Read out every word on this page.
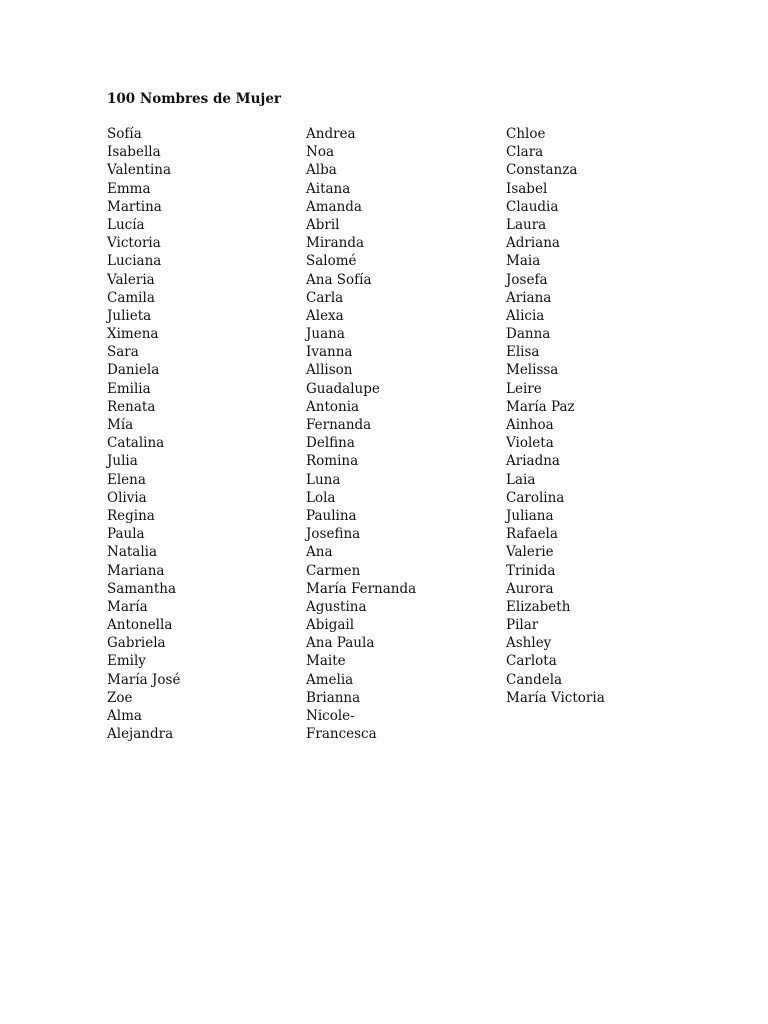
100 Nombres de Mujer
Sofía
Isabella
Valentina
Emma
Martina
Lucía
Victoria
Luciana
Valeria
Camila
Julieta
Ximena
Sara
Daniela
Emilia
Renata
Mía
Catalina
Julia
Elena
Olivia
Regina
Paula
Natalia
Mariana
Samantha
María
Antonella
Gabriela
Emily
María José
Zoe
Alma
Alejandra
Andrea
Noa
Alba
Aitana
Amanda
Abril
Miranda
Salomé
Ana Sofía
Carla
Alexa
Juana
Ivanna
Allison
Guadalupe
Antonia
Fernanda
Delfina
Romina
Luna
Lola
Paulina
Josefina
Ana
Carmen
María Fernanda
Agustina
Abigail
Ana Paula
Maite
Amelia
Brianna
Nicole-
Francesca
Chloe
Clara
Constanza
Isabel
Claudia
Laura
Adriana
Maia
Josefa
Ariana
Alicia
Danna
Elisa
Melissa
Leire
María Paz
Ainhoa
Violeta
Ariadna
Laia
Carolina
Juliana
Rafaela
Valerie
Trinida
Aurora
Elizabeth
Pilar
Ashley
Carlota
Candela
María Victoria
